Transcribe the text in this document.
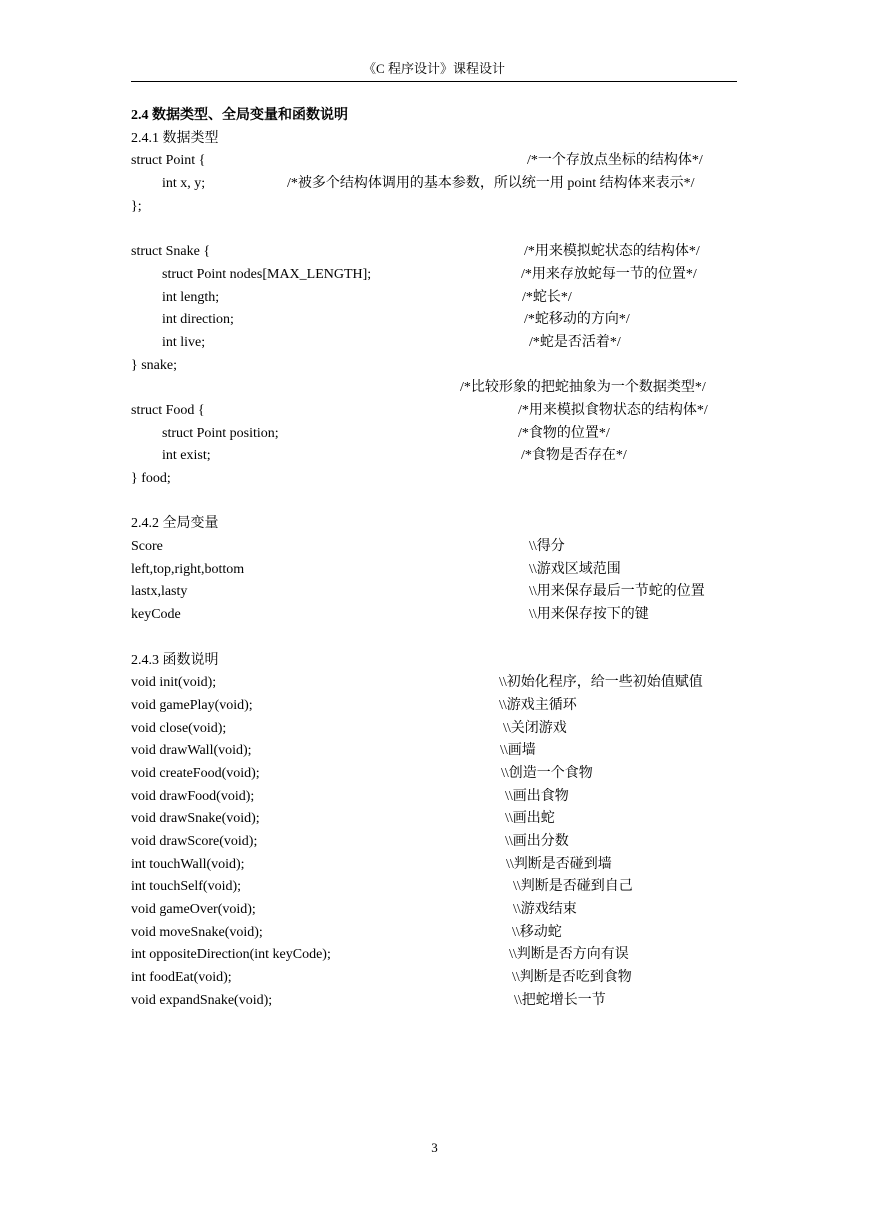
《C 程序设计》课程设计
2.4 数据类型、全局变量和函数说明
2.4.1 数据类型
struct Point {	/*一个存放点坐标的结构体*/
int x, y;	/*被多个结构体调用的基本参数，所以统一用 point 结构体来表示*/
};
struct Snake {	/*用来模拟蛇状态的结构体*/
struct Point nodes[MAX_LENGTH];	/*用来存放蛇每一节的位置*/
int length;	/*蛇长*/
int direction;	/*蛇移动的方向*/
int live;	/*蛇是否活着*/
} snake;
/*比较形象的把蛇抽象为一个数据类型*/
struct Food {	/*用来模拟食物状态的结构体*/
struct Point position;	/*食物的位置*/
int exist;	/*食物是否存在*/
} food;
2.4.2 全局变量
Score	\\得分
left,top,right,bottom	\\游戏区域范围
lastx,lasty	\\用来保存最后一节蛇的位置
keyCode	\\用来保存按下的键
2.4.3 函数说明
void init(void);	\\初始化程序，给一些初始值赋值
void gamePlay(void);	\\游戏主循环
void close(void);	\\关闭游戏
void drawWall(void);	\\画墙
void createFood(void);	\\创造一个食物
void drawFood(void);	\\画出食物
void drawSnake(void);	\\画出蛇
void drawScore(void);	\\画出分数
int touchWall(void);	\\判断是否碰到墙
int touchSelf(void);	\\判断是否碰到自己
void gameOver(void);	\\游戏结束
void moveSnake(void);	\\移动蛇
int oppositeDirection(int keyCode);	\\判断是否方向有误
int foodEat(void);	\\判断是否吃到食物
void expandSnake(void);	\\把蛇增长一节
3
